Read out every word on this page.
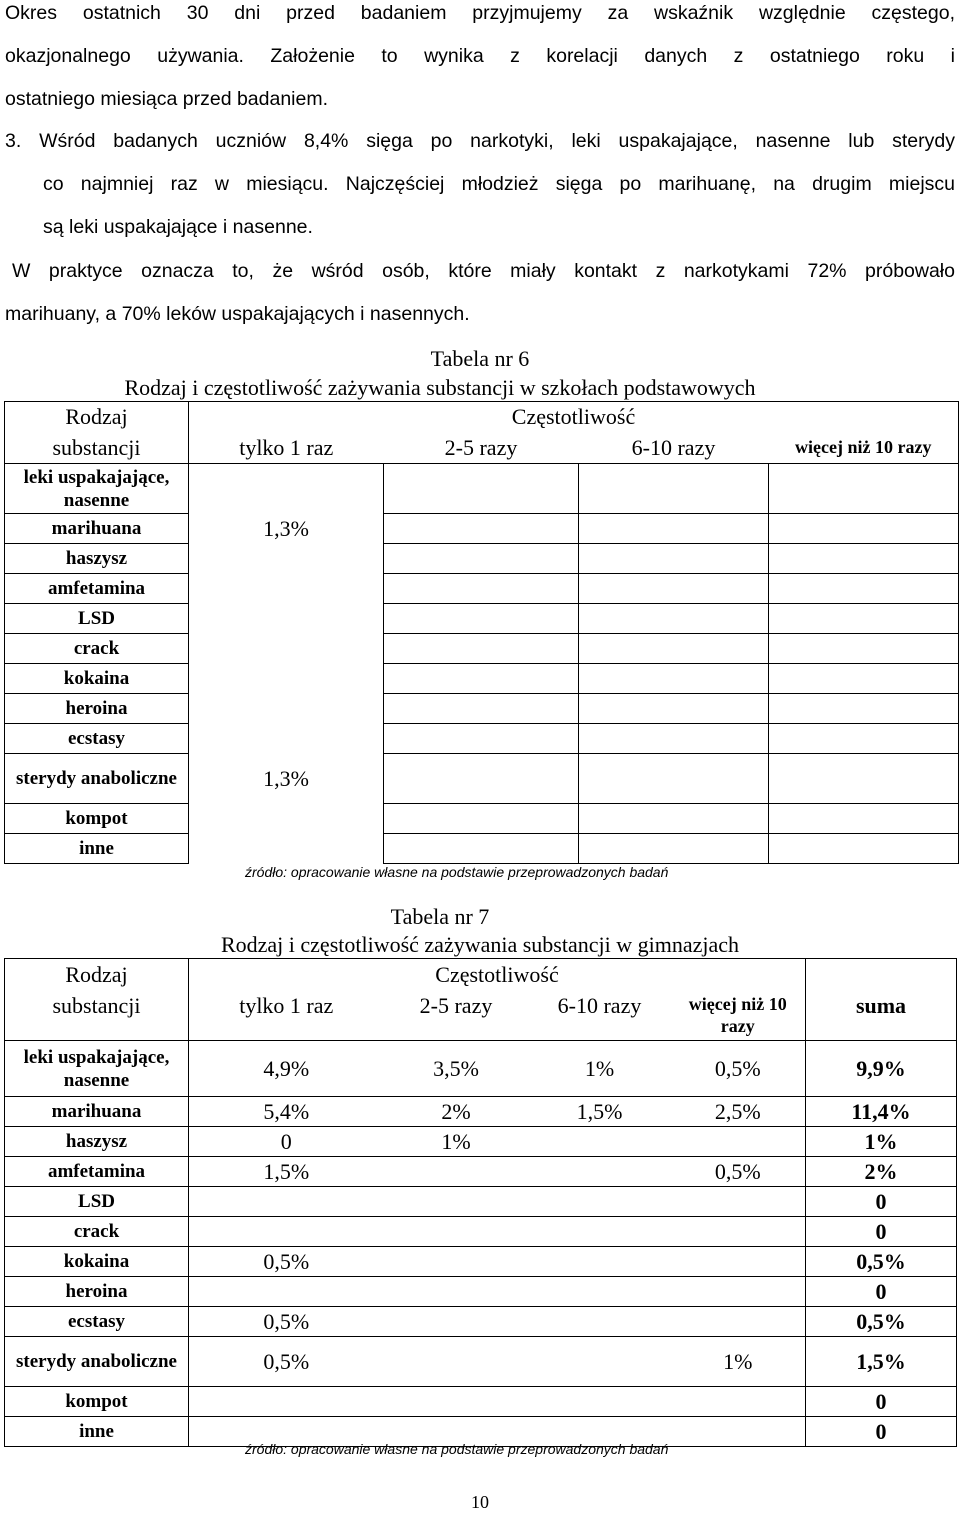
Okres ostatnich 30 dni przed badaniem przyjmujemy za wskaźnik względnie częstego,
okazjonalnego używania. Założenie to wynika z korelacji danych z ostatniego roku i
ostatniego miesiąca przed badaniem.
3. Wśród badanych uczniów 8,4% sięga po narkotyki, leki uspakajające, nasenne lub sterydy
co najmniej raz w miesiącu. Najczęściej młodzież sięga po marihuanę, na drugim miejscu
są leki uspakajające i nasenne.
W praktyce oznacza to, że wśród osób, które miały kontakt z narkotykami 72% próbowało
marihuany, a 70% leków uspakajających i nasennych.
Tabela nr 6
Rodzaj i częstotliwość zażywania substancji w szkołach podstawowych
Rodzaj	Częstotliwość			
substancji	tylko 1 raz	2-5 razy	6-10 razy	więcej niż 10 razy
leki uspakajające, nasenne				
marihuana	1,3%			
haszysz				
amfetamina				
LSD				
crack				
kokaina				
heroina				
ecstasy				
sterydy anaboliczne	1,3%			
kompot				
inne				
źródło: opracowanie własne na podstawie przeprowadzonych badań
Tabela nr 7
Rodzaj i częstotliwość zażywania substancji w gimnazjach
Rodzaj	Częstotliwość				
substancji	tylko 1 raz	2-5 razy	6-10 razy	więcej niż 10 razy	suma
leki uspakajające, nasenne	4,9%	3,5%	1%	0,5%	9,9%
marihuana	5,4%	2%	1,5%	2,5%	11,4%
haszysz	0	1%			1%
amfetamina	1,5%			0,5%	2%
LSD					0
crack					0
kokaina	0,5%				0,5%
heroina					0
ecstasy	0,5%				0,5%
sterydy anaboliczne	0,5%			1%	1,5%
kompot					0
inne					0
źródło: opracowanie własne na podstawie przeprowadzonych badań
10
